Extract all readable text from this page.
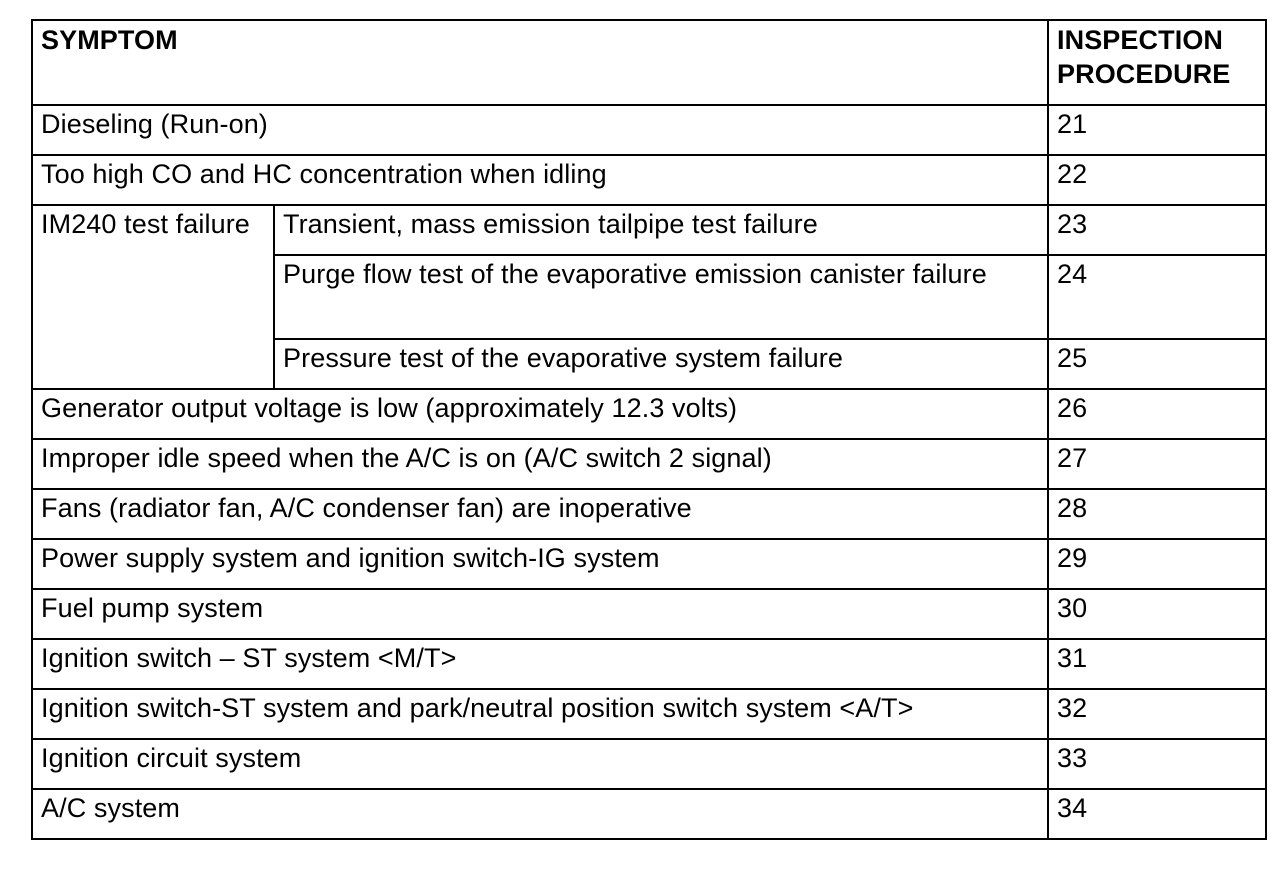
SYMPTOM		INSPECTION
PROCEDURE
Dieseling (Run-on)		21
Too high CO and HC concentration when idling		22
IM240 test failure	Transient, mass emission tailpipe test failure	23
	Purge flow test of the evaporative emission canister failure	24
	Pressure test of the evaporative system failure	25
Generator output voltage is low (approximately 12.3 volts)		26
Improper idle speed when the A/C is on (A/C switch 2 signal)		27
Fans (radiator fan, A/C condenser fan) are inoperative		28
Power supply system and ignition switch-IG system		29
Fuel pump system		30
Ignition switch – ST system <M/T>		31
Ignition switch-ST system and park/neutral position switch system <A/T>		32
Ignition circuit system		33
A/C system		34
